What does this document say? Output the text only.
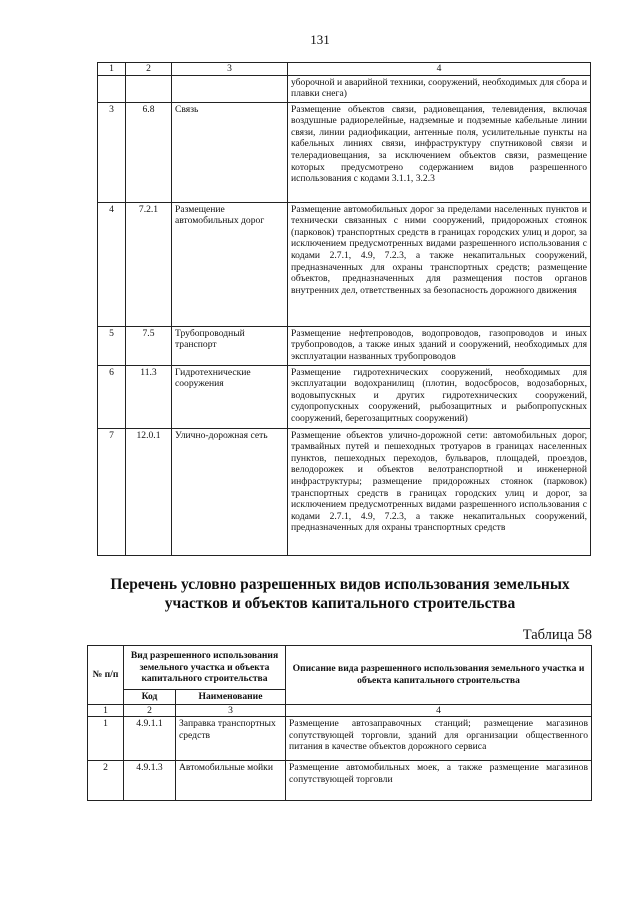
131
1	2	3	4
			уборочной и аварийной техники, сооружений, необходимых для сбора и плавки снега)
3	6.8	Связь	Размещение объектов связи, радиовещания, телевидения, включая воздушные радиорелейные, надземные и подземные кабельные линии связи, линии радиофикации, антенные поля, усилительные пункты на кабельных линиях связи, инфраструктуру спутниковой связи и телерадиовещания, за исключением объектов связи, размещение которых предусмотрено содержанием видов разрешенного использования с кодами 3.1.1, 3.2.3
4	7.2.1	Размещение автомобильных дорог	Размещение автомобильных дорог за пределами населенных пунктов и технически связанных с ними сооружений, придорожных стоянок (парковок) транспортных средств в границах городских улиц и дорог, за исключением предусмотренных видами разрешенного использования с кодами 2.7.1, 4.9, 7.2.3, а также некапитальных сооружений, предназначенных для охраны транспортных средств; размещение объектов, предназначенных для размещения постов органов внутренних дел, ответственных за безопасность дорожного движения
5	7.5	Трубопроводный транспорт	Размещение нефтепроводов, водопроводов, газопроводов и иных трубопроводов, а также иных зданий и сооружений, необходимых для эксплуатации названных трубопроводов
6	11.3	Гидротехнические сооружения	Размещение гидротехнических сооружений, необходимых для эксплуатации водохранилищ (плотин, водосбросов, водозаборных, водовыпускных и других гидротехнических сооружений, судопропускных сооружений, рыбозащитных и рыбопропускных сооружений, берегозащитных сооружений)
7	12.0.1	Улично-дорожная сеть	Размещение объектов улично-дорожной сети: автомобильных дорог, трамвайных путей и пешеходных тротуаров в границах населенных пунктов, пешеходных переходов, бульваров, площадей, проездов, велодорожек и объектов велотранспортной и инженерной инфраструктуры; размещение придорожных стоянок (парковок) транспортных средств в границах городских улиц и дорог, за исключением предусмотренных видами разрешенного использования с кодами 2.7.1, 4.9, 7.2.3, а также некапитальных сооружений, предназначенных для охраны транспортных средств
Перечень условно разрешенных видов использования земельных участков и объектов капитального строительства
Таблица 58
№ п/п	Вид разрешенного использования земельного участка и объекта капитального строительства		Описание вида разрешенного использования земельного участка и объекта капитального строительства
	Код	Наименование	
1	2	3	4
1	4.9.1.1	Заправка транспортных средств	Размещение автозаправочных станций; размещение магазинов сопутствующей торговли, зданий для организации общественного питания в качестве объектов дорожного сервиса
2	4.9.1.3	Автомобильные мойки	Размещение автомобильных моек, а также размещение магазинов сопутствующей торговли
